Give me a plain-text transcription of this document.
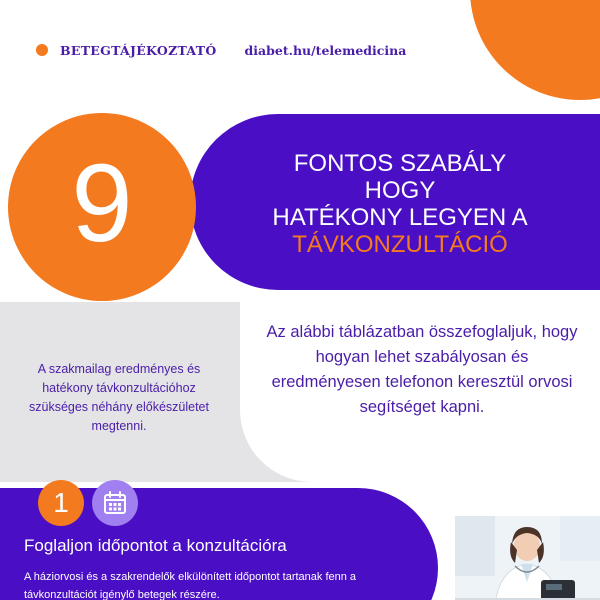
BETEGTÁJÉKOZTATÓ diabet.hu/telemedicina
FONTOS SZABÁLY
HOGY
HATÉKONY LEGYEN A
TÁVKONZULTÁCIÓ
9

A szakmailag eredményes és hatékony távkonzultációhoz szükséges néhány előkészületet megtenni.

Az alábbi táblázatban összefoglaljuk, hogy hogyan lehet szabályosan és eredményesen telefonon keresztül orvosi segítséget kapni.

1
Foglaljon időpontot a konzultációra

A háziorvosi és a szakrendelők elkülönített időpontot tartanak fenn a távkonzultációt igénylő betegek részére.
